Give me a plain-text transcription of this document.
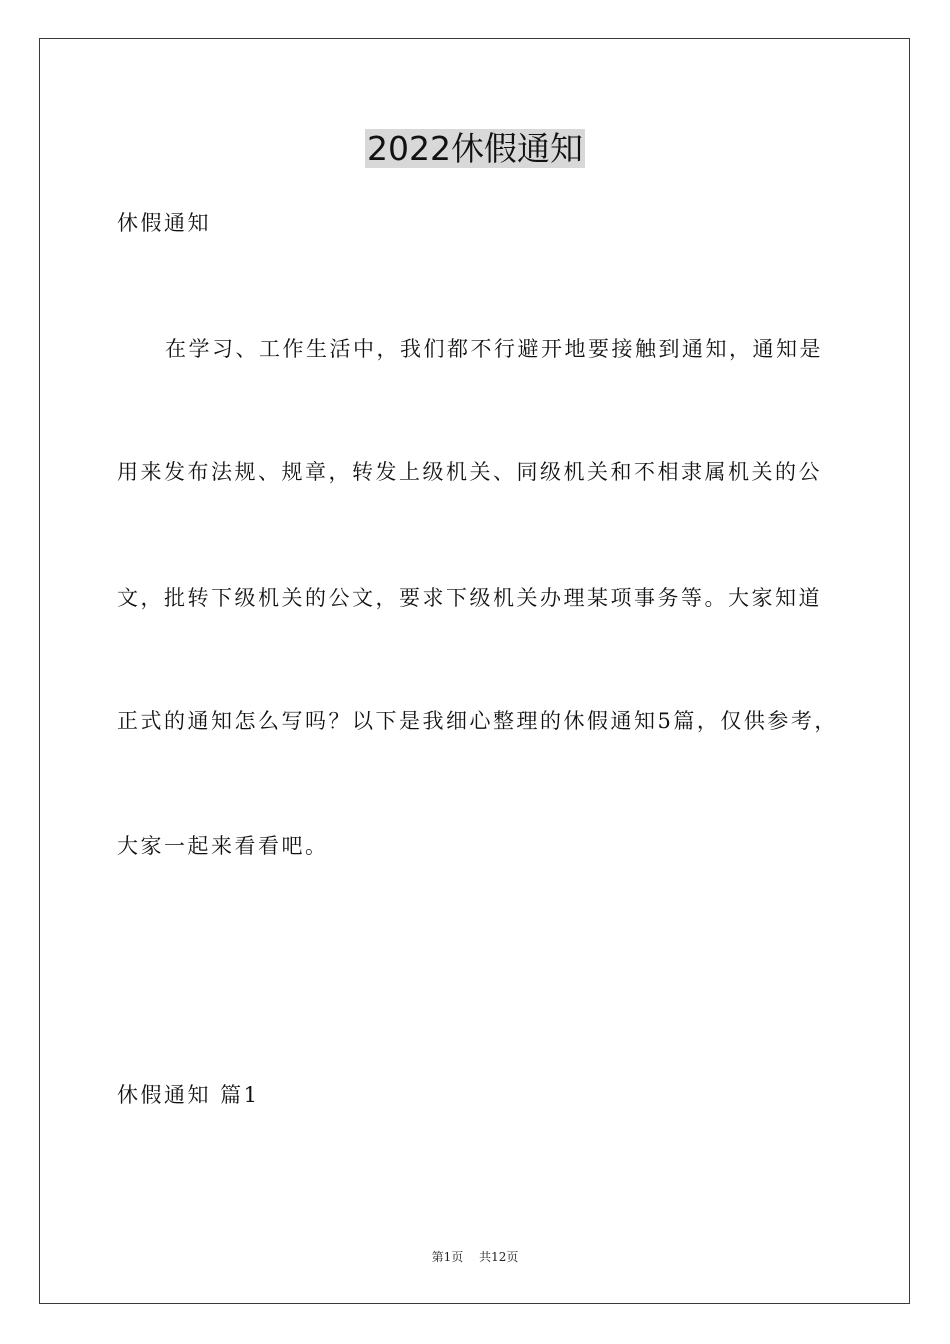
2022休假通知

休假通知

在学习、工作生活中，我们都不行避开地要接触到通知，通知是

用来发布法规、规章，转发上级机关、同级机关和不相隶属机关的公

文，批转下级机关的公文，要求下级机关办理某项事务等。大家知道

正式的通知怎么写吗？以下是我细心整理的休假通知5篇，仅供参考，

大家一起来看看吧。

休假通知 篇1

第1页 共12页
